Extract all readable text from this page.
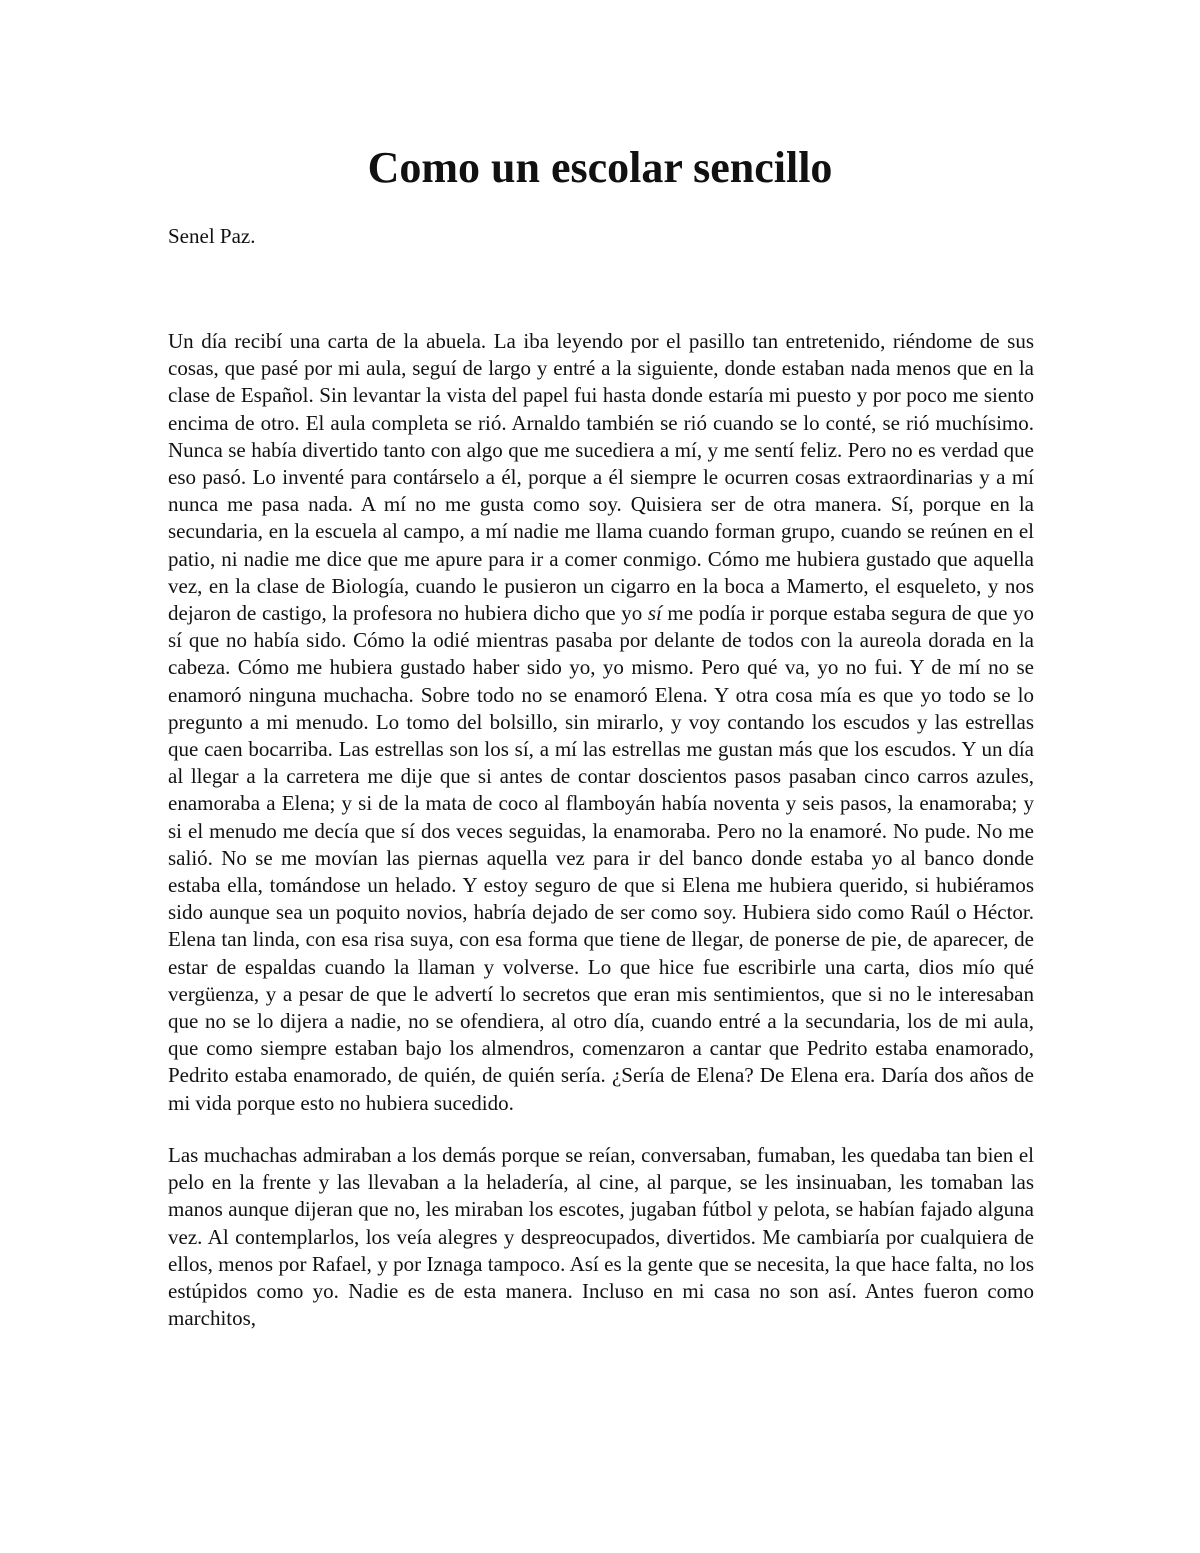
Como un escolar sencillo

Senel Paz.

Un día recibí una carta de la abuela. La iba leyendo por el pasillo tan entretenido, riéndome de sus cosas, que pasé por mi aula, seguí de largo y entré a la siguiente, donde estaban nada menos que en la clase de Español. Sin levantar la vista del papel fui hasta donde estaría mi puesto y por poco me siento encima de otro. El aula completa se rió. Arnaldo también se rió cuando se lo conté, se rió muchísimo. Nunca se había divertido tanto con algo que me sucediera a mí, y me sentí feliz. Pero no es verdad que eso pasó. Lo inventé para contárselo a él, porque a él siempre le ocurren cosas extraordinarias y a mí nunca me pasa nada. A mí no me gusta como soy. Quisiera ser de otra manera. Sí, porque en la secundaria, en la escuela al campo, a mí nadie me llama cuando forman grupo, cuando se reúnen en el patio, ni nadie me dice que me apure para ir a comer conmigo. Cómo me hubiera gustado que aquella vez, en la clase de Biología, cuando le pusieron un cigarro en la boca a Mamerto, el esqueleto, y nos dejaron de castigo, la profesora no hubiera dicho que yo sí me podía ir porque estaba segura de que yo sí que no había sido. Cómo la odié mientras pasaba por delante de todos con la aureola dorada en la cabeza. Cómo me hubiera gustado haber sido yo, yo mismo. Pero qué va, yo no fui. Y de mí no se enamoró ninguna muchacha. Sobre todo no se enamoró Elena. Y otra cosa mía es que yo todo se lo pregunto a mi menudo. Lo tomo del bolsillo, sin mirarlo, y voy contando los escudos y las estrellas que caen bocarriba. Las estrellas son los sí, a mí las estrellas me gustan más que los escudos. Y un día al llegar a la carretera me dije que si antes de contar doscientos pasos pasaban cinco carros azules, enamoraba a Elena; y si de la mata de coco al flamboyán había noventa y seis pasos, la enamoraba; y si el menudo me decía que sí dos veces seguidas, la enamoraba. Pero no la enamoré. No pude. No me salió. No se me movían las piernas aquella vez para ir del banco donde estaba yo al banco donde estaba ella, tomándose un helado. Y estoy seguro de que si Elena me hubiera querido, si hubiéramos sido aunque sea un poquito novios, habría dejado de ser como soy. Hubiera sido como Raúl o Héctor. Elena tan linda, con esa risa suya, con esa forma que tiene de llegar, de ponerse de pie, de aparecer, de estar de espaldas cuando la llaman y volverse. Lo que hice fue escribirle una carta, dios mío qué vergüenza, y a pesar de que le advertí lo secretos que eran mis sentimientos, que si no le interesaban que no se lo dijera a nadie, no se ofendiera, al otro día, cuando entré a la secundaria, los de mi aula, que como siempre estaban bajo los almendros, comenzaron a cantar que Pedrito estaba enamorado, Pedrito estaba enamorado, de quién, de quién sería. ¿Sería de Elena? De Elena era. Daría dos años de mi vida porque esto no hubiera sucedido.

Las muchachas admiraban a los demás porque se reían, conversaban, fumaban, les quedaba tan bien el pelo en la frente y las llevaban a la heladería, al cine, al parque, se les insinuaban, les tomaban las manos aunque dijeran que no, les miraban los escotes, jugaban fútbol y pelota, se habían fajado alguna vez. Al contemplarlos, los veía alegres y despreocupados, divertidos. Me cambiaría por cualquiera de ellos, menos por Rafael, y por Iznaga tampoco. Así es la gente que se necesita, la que hace falta, no los estúpidos como yo. Nadie es de esta manera. Incluso en mi casa no son así. Antes fueron como marchitos,
